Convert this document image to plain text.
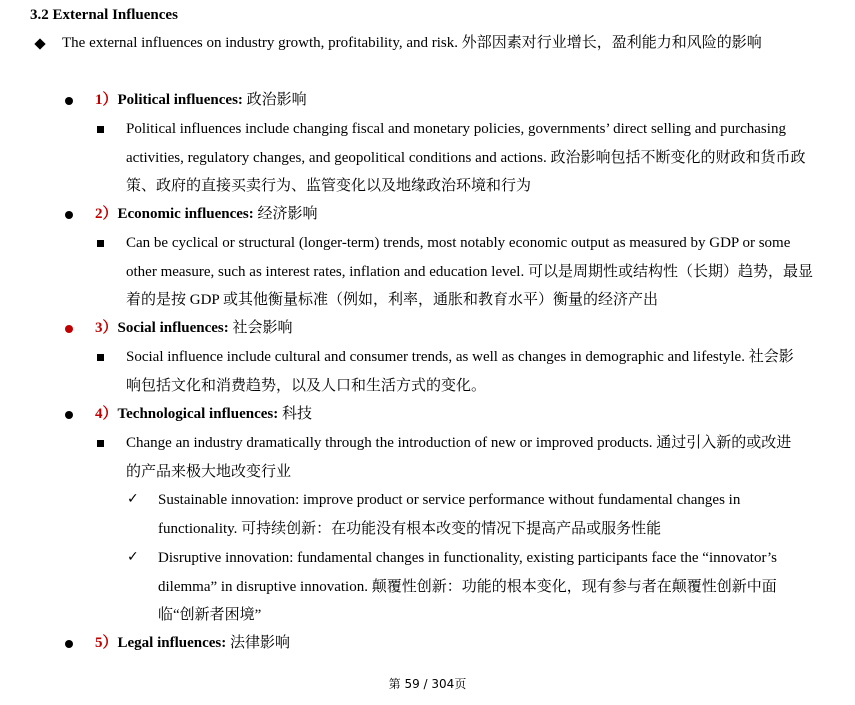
3.2 External Influences
The external influences on industry growth, profitability, and risk. 外部因素对行业增长，盈利能力和风险的影响
1）Political influences: 政治影响
Political influences include changing fiscal and monetary policies, governments’ direct selling and purchasing activities, regulatory changes, and geopolitical conditions and actions. 政治影响包括不断变化的财政和货币政策、政府的直接买卖行为、监管变化以及地缘政治环境和行为
2）Economic influences: 经济影响
Can be cyclical or structural (longer-term) trends, most notably economic output as measured by GDP or some other measure, such as interest rates, inflation and education level. 可以是周期性或结构性（长期）趋势，最显着的是按 GDP 或其他衡量标准（例如，利率，通胀和教育水平）衡量的经济产出
3）Social influences: 社会影响
Social influence include cultural and consumer trends, as well as changes in demographic and lifestyle. 社会影响包括文化和消费趋势，以及人口和生活方式的变化。
4）Technological influences: 科技
Change an industry dramatically through the introduction of new or improved products. 通过引入新的或改进的产品来极大地改变行业
✓ Sustainable innovation: improve product or service performance without fundamental changes in functionality. 可持续创新：在功能没有根本改变的情况下提高产品或服务性能
✓ Disruptive innovation: fundamental changes in functionality, existing participants face the “innovator’s dilemma” in disruptive innovation. 颠覆性创新：功能的根本变化，现有参与者在颠覆性创新中面临“创新者困境”
5）Legal influences: 法律影响
第 59 / 304页
